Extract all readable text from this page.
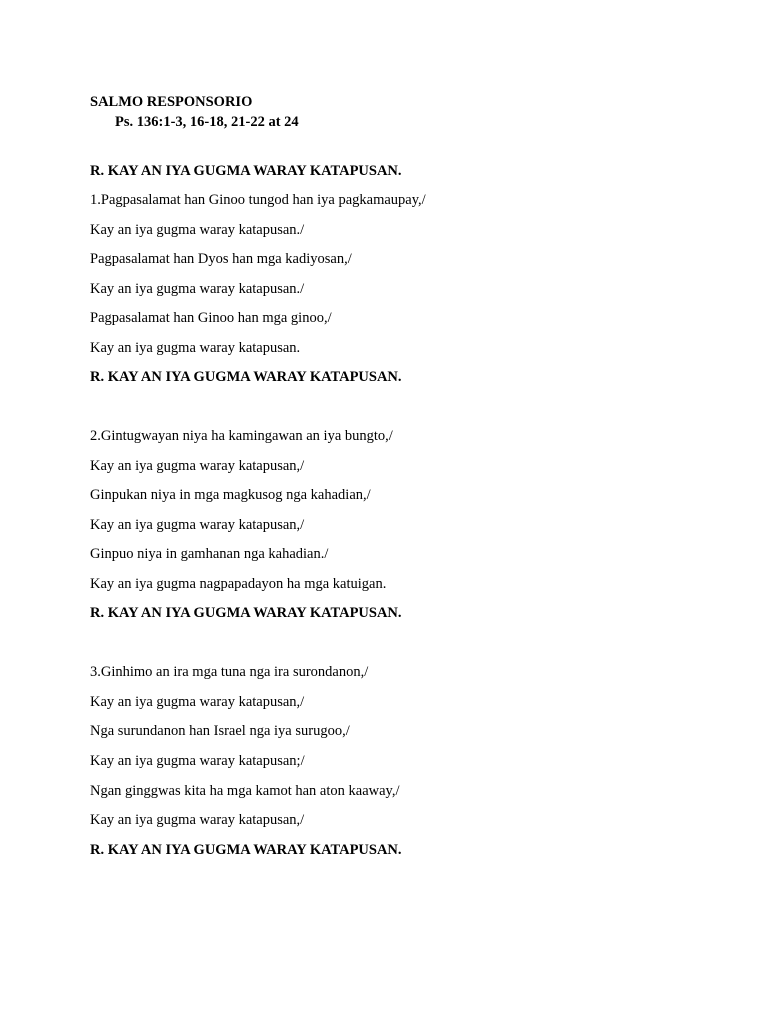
SALMO RESPONSORIO
Ps. 136:1-3, 16-18, 21-22 at 24
R. KAY AN IYA GUGMA WARAY KATAPUSAN.
1.Pagpasalamat han Ginoo tungod han iya pagkamaupay,/
Kay an iya gugma waray katapusan./
Pagpasalamat han Dyos han mga kadiyosan,/
Kay an iya gugma waray katapusan./
Pagpasalamat han Ginoo han mga ginoo,/
Kay an iya gugma waray katapusan.
R. KAY AN IYA GUGMA WARAY KATAPUSAN.
2.Gintugwayan niya ha kamingawan an iya bungto,/
Kay an iya gugma waray katapusan,/
Ginpukan niya in mga magkusog nga kahadian,/
Kay an iya gugma waray katapusan,/
Ginpuo niya in gamhanan nga kahadian./
Kay an iya gugma nagpapadayon ha mga katuigan.
R. KAY AN IYA GUGMA WARAY KATAPUSAN.
3.Ginhimo an ira mga tuna nga ira surondanon,/
Kay an iya gugma waray katapusan,/
Nga surundanon han Israel nga iya surugoo,/
Kay an iya gugma waray katapusan;/
Ngan ginggwas kita ha mga kamot han aton kaaway,/
Kay an iya gugma waray katapusan,/
R. KAY AN IYA GUGMA WARAY KATAPUSAN.
